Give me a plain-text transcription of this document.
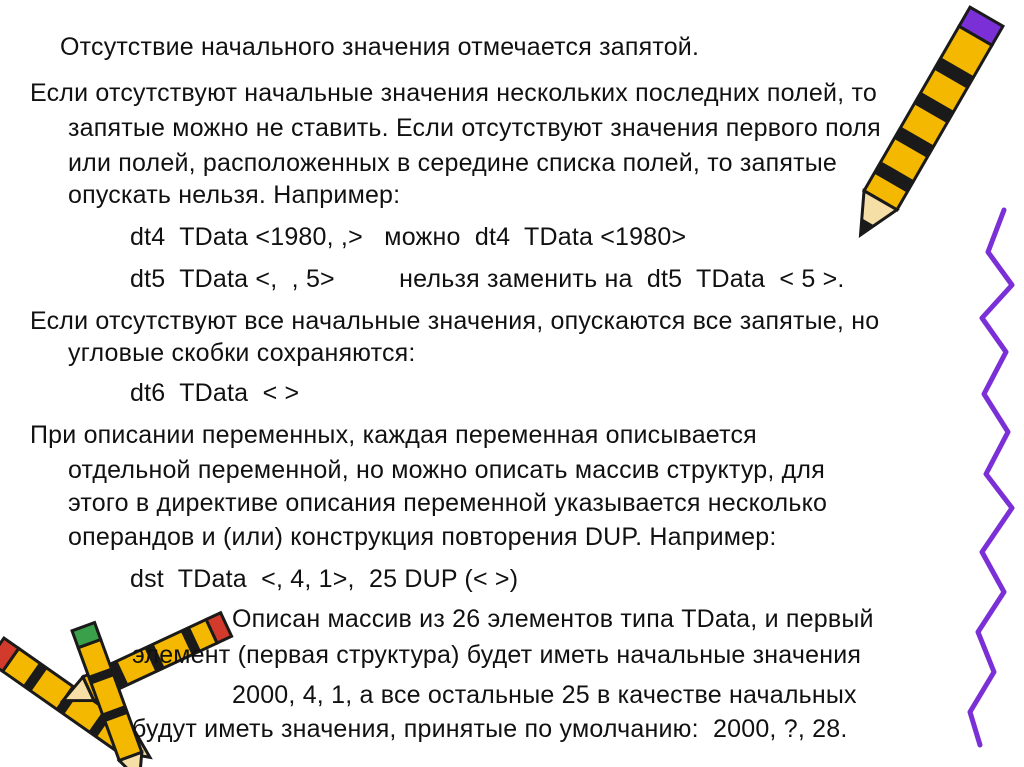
Отсутствие начального значения отмечается запятой.
Если отсутствуют начальные значения нескольких последних полей, то
запятые можно не ставить. Если отсутствуют значения первого поля
или полей, расположенных в середине списка полей, то запятые
опускать нельзя. Например:
dt4  TData <1980, ,>   можно  dt4  TData <1980>
dt5  TData <,  , 5>         нельзя заменить на  dt5  TData  < 5 >.
Если отсутствуют все начальные значения, опускаются все запятые, но
угловые скобки сохраняются:
dt6  TData  < >
При описании переменных, каждая переменная описывается
отдельной переменной, но можно описать массив структур, для
этого в директиве описания переменной указывается несколько
операндов и (или) конструкция повторения DUP. Например:
dst  TData  <, 4, 1>,  25 DUP (< >)
Описан массив из 26 элементов типа TData, и первый
элемент (первая структура) будет иметь начальные значения
2000, 4, 1, а все остальные 25 в качестве начальных
будут иметь значения, принятые по умолчанию:  2000, ?, 28.
